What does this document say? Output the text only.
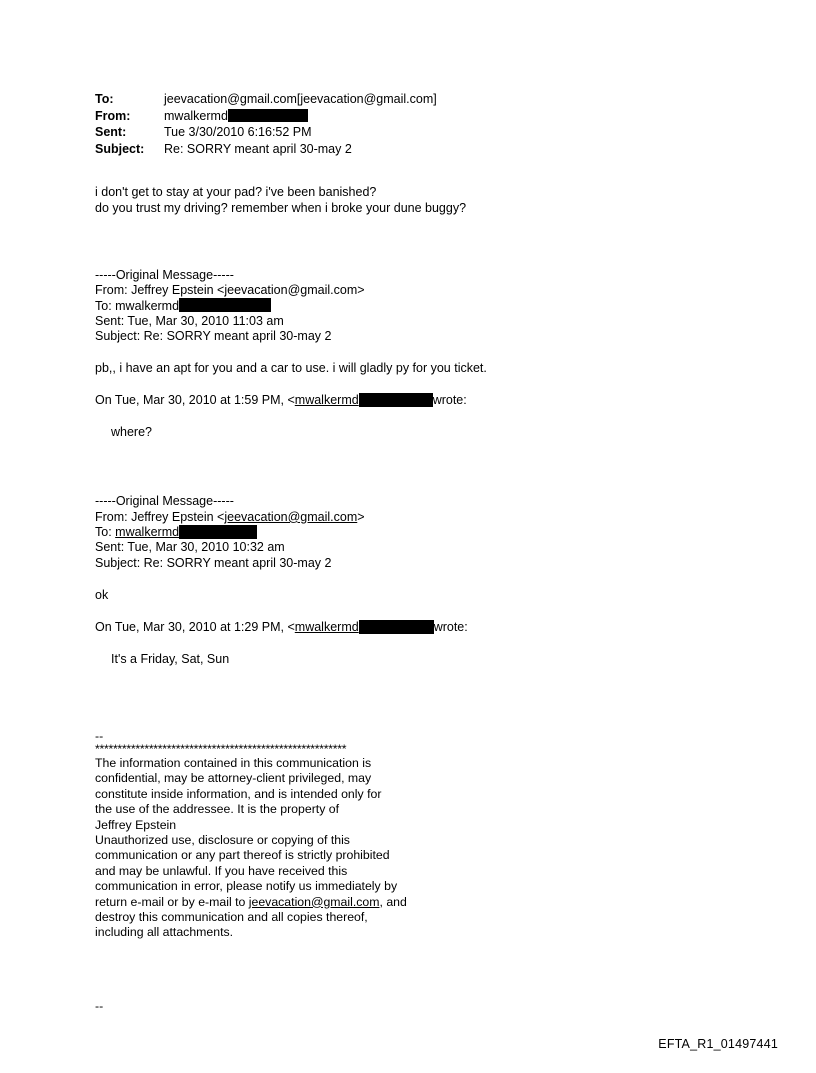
To:	jeevacation@gmail.com[jeevacation@gmail.com]
From:	mwalkermd
Sent:	Tue 3/30/2010 6:16:52 PM
Subject:	Re: SORRY meant april 30-may 2
i don't get to stay at your pad? i've been banished?
do you trust my driving? remember when i broke your dune buggy?
-----Original Message-----
From: Jeffrey Epstein <jeevacation@gmail.com>
To: mwalkermd
Sent: Tue, Mar 30, 2010 11:03 am
Subject: Re: SORRY meant april 30-may 2
pb,, i have an apt for you and a car to use. i will gladly py for you ticket.
On Tue, Mar 30, 2010 at 1:59 PM, <mwalkermd	wrote:
where?
-----Original Message-----
From: Jeffrey Epstein <jeevacation@gmail.com>
To: mwalkermd
Sent: Tue, Mar 30, 2010 10:32 am
Subject: Re: SORRY meant april 30-may 2
ok
On Tue, Mar 30, 2010 at 1:29 PM, <mwalkermd	wrote:
It's a Friday, Sat, Sun
--
********************************************************
The information contained in this communication is
confidential, may be attorney-client privileged, may
constitute inside information, and is intended only for
the use of the addressee. It is the property of
Jeffrey Epstein
Unauthorized use, disclosure or copying of this
communication or any part thereof is strictly prohibited
and may be unlawful. If you have received this
communication in error, please notify us immediately by
return e-mail or by e-mail to jeevacation@gmail.com, and
destroy this communication and all copies thereof,
including all attachments.
--
EFTA_R1_01497441
